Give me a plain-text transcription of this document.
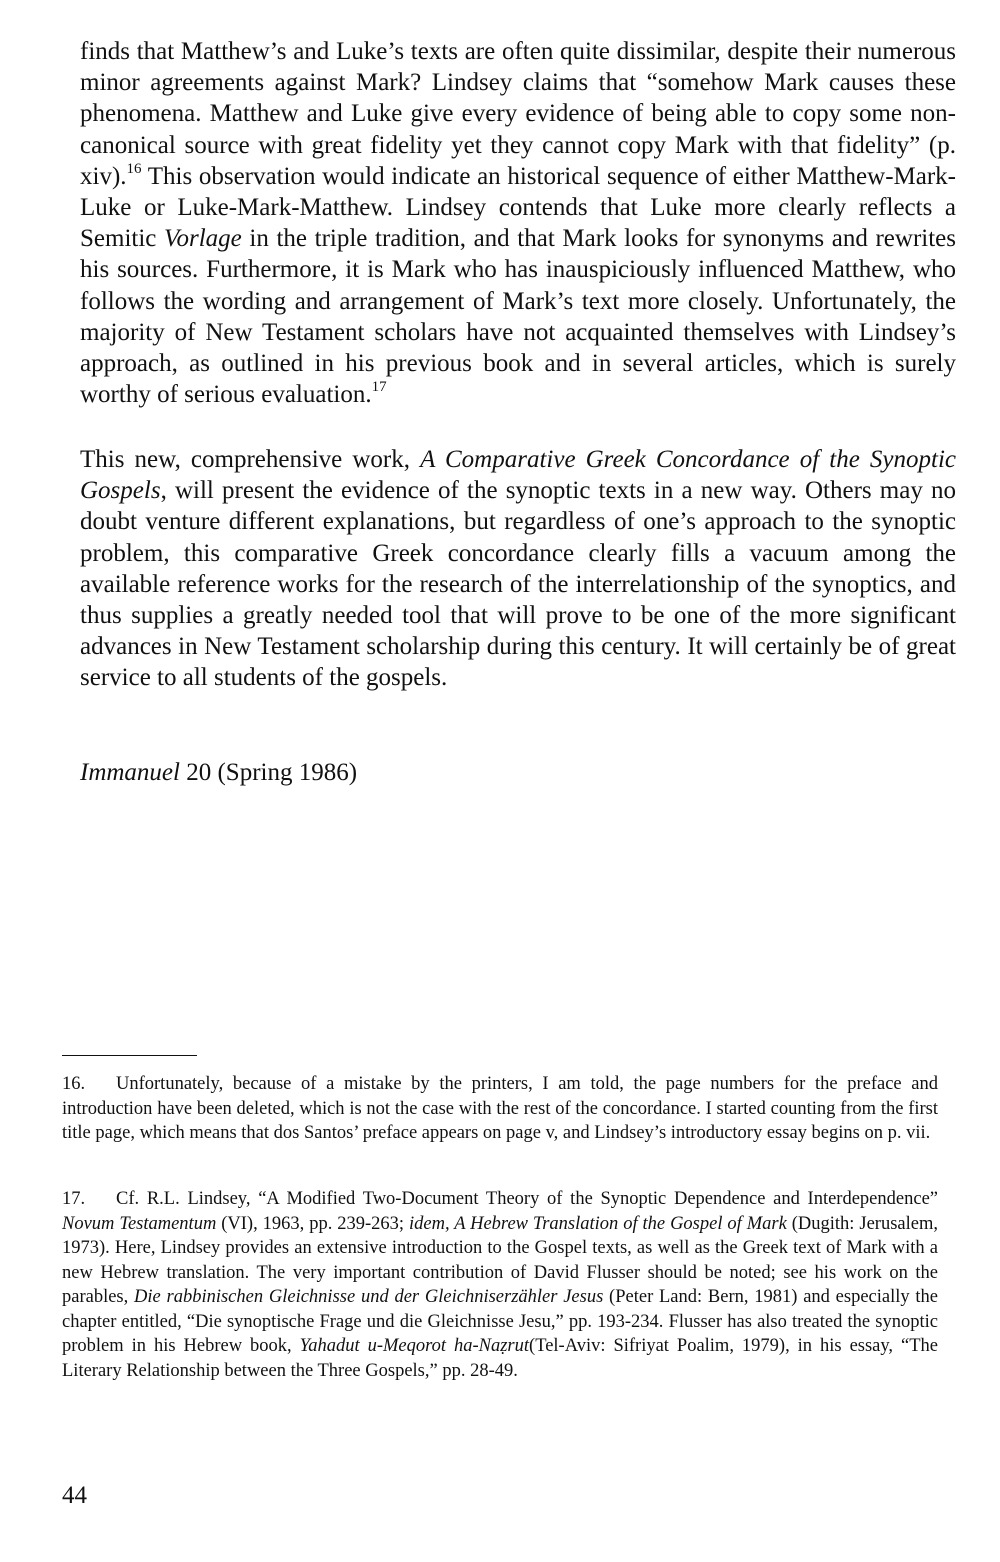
finds that Matthew’s and Luke’s texts are often quite dissimilar, despite their numerous minor agreements against Mark? Lindsey claims that “somehow Mark causes these phenomena. Matthew and Luke give every evidence of being able to copy some non-canonical source with great fidelity yet they cannot copy Mark with that fidelity” (p. xiv).$^{16}$ This observation would indicate an historical sequence of either Matthew-Mark-Luke or Luke-Mark-Matthew. Lindsey contends that Luke more clearly reflects a Semitic Vorlage in the triple tradition, and that Mark looks for synonyms and rewrites his sources. Furthermore, it is Mark who has inauspiciously influenced Matthew, who follows the wording and arrangement of Mark’s text more closely. Unfortunately, the majority of New Testament scholars have not acquainted themselves with Lindsey’s approach, as outlined in his previous book and in several articles, which is surely worthy of serious evaluation.$^{17}$

This new, comprehensive work, A Comparative Greek Concordance of the Synoptic Gospels, will present the evidence of the synoptic texts in a new way. Others may no doubt venture different explanations, but regardless of one’s approach to the synoptic problem, this comparative Greek concordance clearly fills a vacuum among the available reference works for the research of the interrelationship of the synoptics, and thus supplies a greatly needed tool that will prove to be one of the more significant advances in New Testament scholarship during this century. It will certainly be of great service to all students of the gospels.

Immanuel 20 (Spring 1986)

16. Unfortunately, because of a mistake by the printers, I am told, the page numbers for the preface and introduction have been deleted, which is not the case with the rest of the concordance. I started counting from the first title page, which means that dos Santos’ preface appears on page v, and Lindsey’s introductory essay begins on p. vii.

17. Cf. R.L. Lindsey, “A Modified Two-Document Theory of the Synoptic Dependence and Interdependence” Novum Testamentum (VI), 1963, pp. 239-263; idem, A Hebrew Translation of the Gospel of Mark (Dugith: Jerusalem, 1973). Here, Lindsey provides an extensive introduction to the Gospel texts, as well as the Greek text of Mark with a new Hebrew translation. The very important contribution of David Flusser should be noted; see his work on the parables, Die rabbinischen Gleichnisse und der Gleichniserzähler Jesus (Peter Land: Bern, 1981) and especially the chapter entitled, “Die synoptische Frage und die Gleichnisse Jesu,” pp. 193-234. Flusser has also treated the synoptic problem in his Hebrew book, Yahadut u-Meqorot ha-Naẓrut(Tel-Aviv: Sifriyat Poalim, 1979), in his essay, “The Literary Relationship between the Three Gospels,” pp. 28-49.

44
